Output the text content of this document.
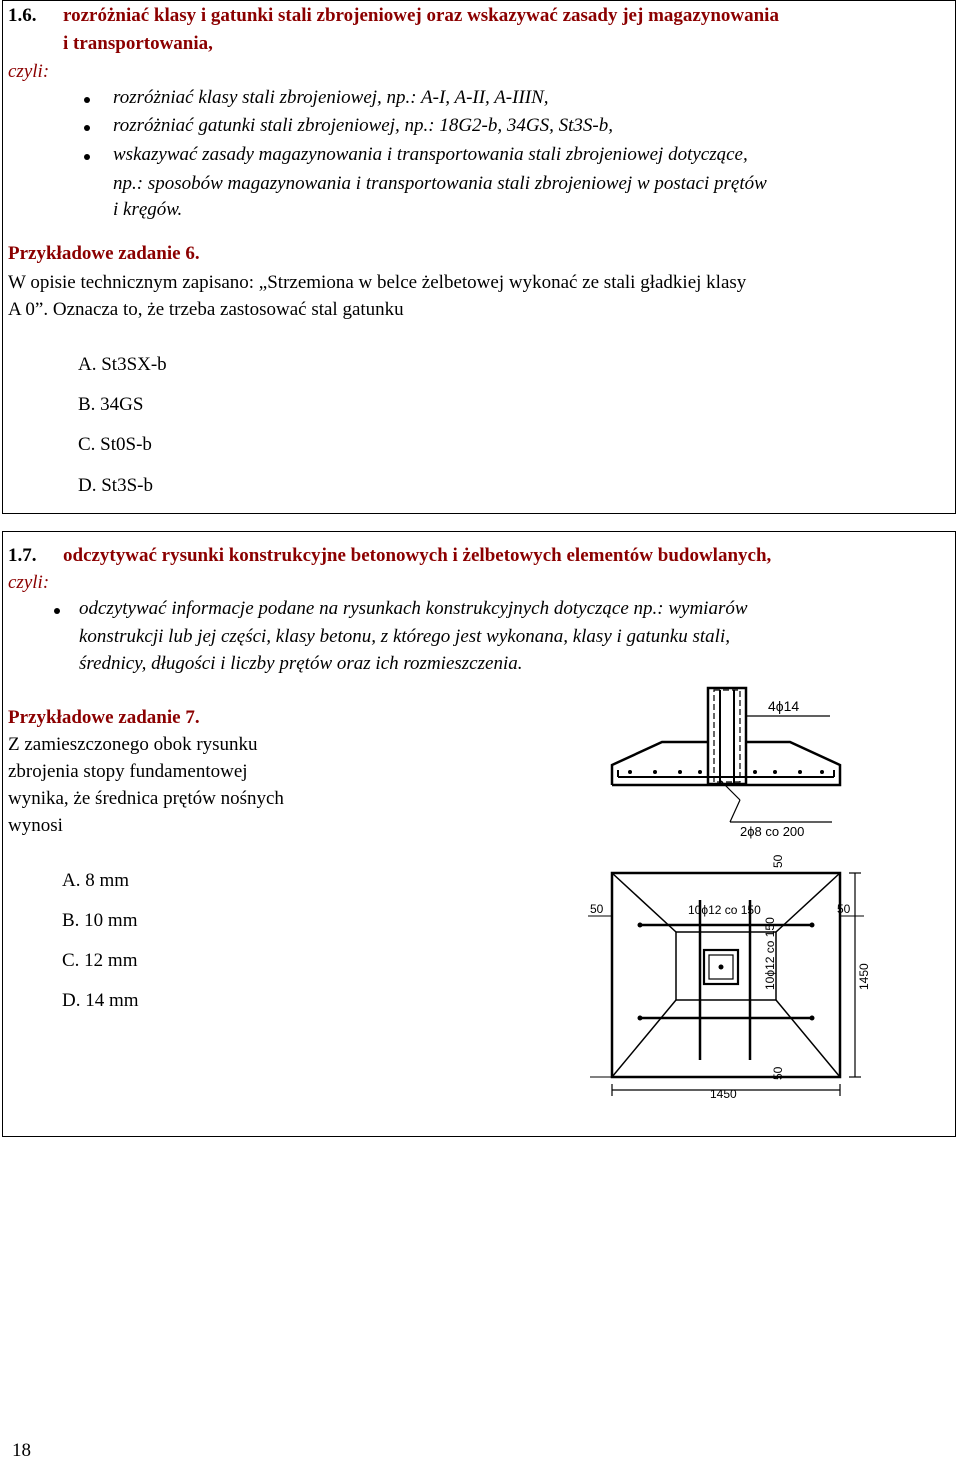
1.6. rozróżniać klasy i gatunki stali zbrojeniowej oraz wskazywać zasady jej magazynowania
i transportowania,
czyli:
rozróżniać klasy stali zbrojeniowej, np.: A-I, A-II, A-IIIN,
rozróżniać gatunki stali zbrojeniowej, np.: 18G2-b, 34GS, St3S-b,
wskazywać zasady magazynowania i transportowania stali zbrojeniowej dotyczące,
np.: sposobów magazynowania i transportowania stali zbrojeniowej w postaci prętów
i kręgów.
Przykładowe zadanie 6.
W opisie technicznym zapisano: „Strzemiona w belce żelbetowej wykonać ze stali gładkiej klasy
A 0”. Oznacza to, że trzeba zastosować stal gatunku
A. St3SX-b
B. 34GS
C. St0S-b
D. St3S-b
1.7. odczytywać rysunki konstrukcyjne betonowych i żelbetowych elementów budowlanych,
czyli:
odczytywać informacje podane na rysunkach konstrukcyjnych dotyczące np.: wymiarów
konstrukcji lub jej części, klasy betonu, z którego jest wykonana, klasy i gatunku stali,
średnicy, długości i liczby prętów oraz ich rozmieszczenia.
Przykładowe zadanie 7.
Z zamieszczonego obok rysunku
zbrojenia stopy fundamentowej
wynika, że średnica prętów nośnych
wynosi
A. 8 mm
B. 10 mm
C. 12 mm
D. 14 mm
4ϕ14
2ϕ8 co 200
50	50
10ϕ12 co 150
1450
1450
10ϕ12 co 150
50
50
18
